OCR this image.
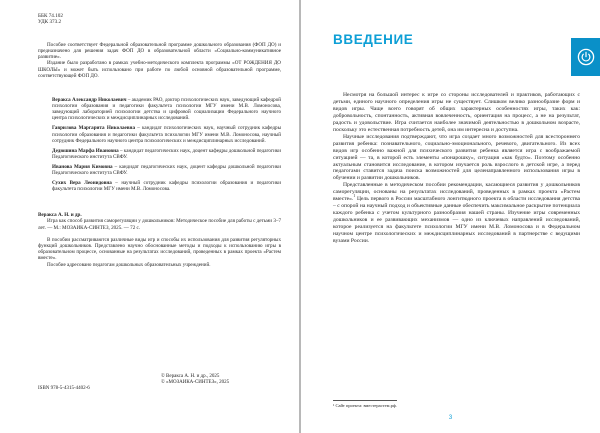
ББК 74.102
УДК 373.2

Пособие соответствует Федеральной образовательной программе дошкольного образования (ФОП ДО) и предназначено для решения задач ФОП ДО в образовательной области «Социально-коммуникативное развитие».

Издание было разработано в рамках учебно-методического комплекта программы «ОТ РОЖДЕНИЯ ДО ШКОЛЫ» и может быть использовано при работе по любой основной образовательной программе, соответствующей ФОП ДО.

Веракса Александр Николаевич – академик РАО, доктор психологических наук, заведующий кафедрой психологии образования и педагогики факультета психологии МГУ имени М.В. Ломоносова, заведующий лабораторией психологии детства и цифровой социализации Федерального научного центра психологических и междисциплинарных исследований.

Гаврилова Маргарита Николаевна – кандидат психологических наук, научный сотрудник кафедры психологии образования и педагогики факультета психологии МГУ имени М.В. Ломоносова, научный сотрудник Федерального научного центра психологических и междисциплинарных исследований.

Дедюшина Марфа Ивановна – кандидат педагогических наук, доцент кафедры дошкольной педагогики Педагогического института СВФУ.

Иванова Мария Кимовна – кандидат педагогических наук, доцент кафедры дошкольной педагогики Педагогического института СВФУ.

Сухих Вера Леонидовна – научный сотрудник кафедры психологии образования и педагогики факультета психологии МГУ имени М.В. Ломоносова.

Веракса А. Н. и др.

Игра как способ развития саморегуляции у дошкольников: Методическое пособие для работы с детьми 3–7 лет. — М.: МОЗАИКА-СИНТЕЗ, 2025. — 72 с.

В пособии рассматриваются различные виды игр и способы их использования для развития регуляторных функций дошкольников. Представлено научно обоснованные методы и подходы к использованию игры в образовательном процессе, основанные на результатах исследований, проведенных в рамках проекта «Растем вместе».

Пособие адресовано педагогам дошкольных образовательных учреждений.

© Веракса А. Н. и др., 2025
© «МОЗАИКА-СИНТЕЗ», 2025
ISBN 978-5-4315-4402-6
ВВЕДЕНИЕ

Несмотря на большой интерес к игре со стороны исследователей и практиков, работающих с детьми, единого научного определения игры не существует. Слишком велико разнообразие форм и видов игры. Чаще всего говорят об общих характерных особенностях игры, таких как: добровольность, спонтанность, активная вовлеченность, ориентация на процесс, а не на результат, радость и удовольствие. Игра считается наиболее значимой деятельностью в дошкольном возрасте, поскольку это естественная потребность детей, она им интересна и доступна.

Научные исследования подтверждают, что игра создает много возможностей для всестороннего развития ребенка: познавательного, социально-эмоционального, речевого, двигательного. Из всех видов игр особенно важной для психического развития ребенка является игра с воображаемой ситуацией — та, в которой есть элементы «понарошку», ситуация «как будто». Поэтому особенно актуальным становится исследование, в котором изучается роль взрослого в детской игре, а перед педагогами ставится задача поиска возможностей для целенаправленного использования игры в обучении и развитии дошкольников.

Представленные в методическом пособии рекомендации, касающиеся развития у дошкольников саморегуляции, основаны на результатах исследований, проведенных в рамках проекта «Растем вместе».$^1$ Цель первого в России масштабного лонгитюдного проекта в области исследования детства – с опорой на научный подход и объективные данные обеспечить максимальное раскрытие потенциала каждого ребенка с учетом культурного разнообразия нашей страны. Изучение игры современных дошкольников и ее развивающих механизмов — одно из ключевых направлений исследований, которое реализуется на факультете психологии МГУ имени М.В. Ломоносова и в Федеральном научном центре психологических и междисциплинарных исследований в партнерстве с ведущими вузами России.

¹ Сайт проекта: вместерастем.рф.
3
